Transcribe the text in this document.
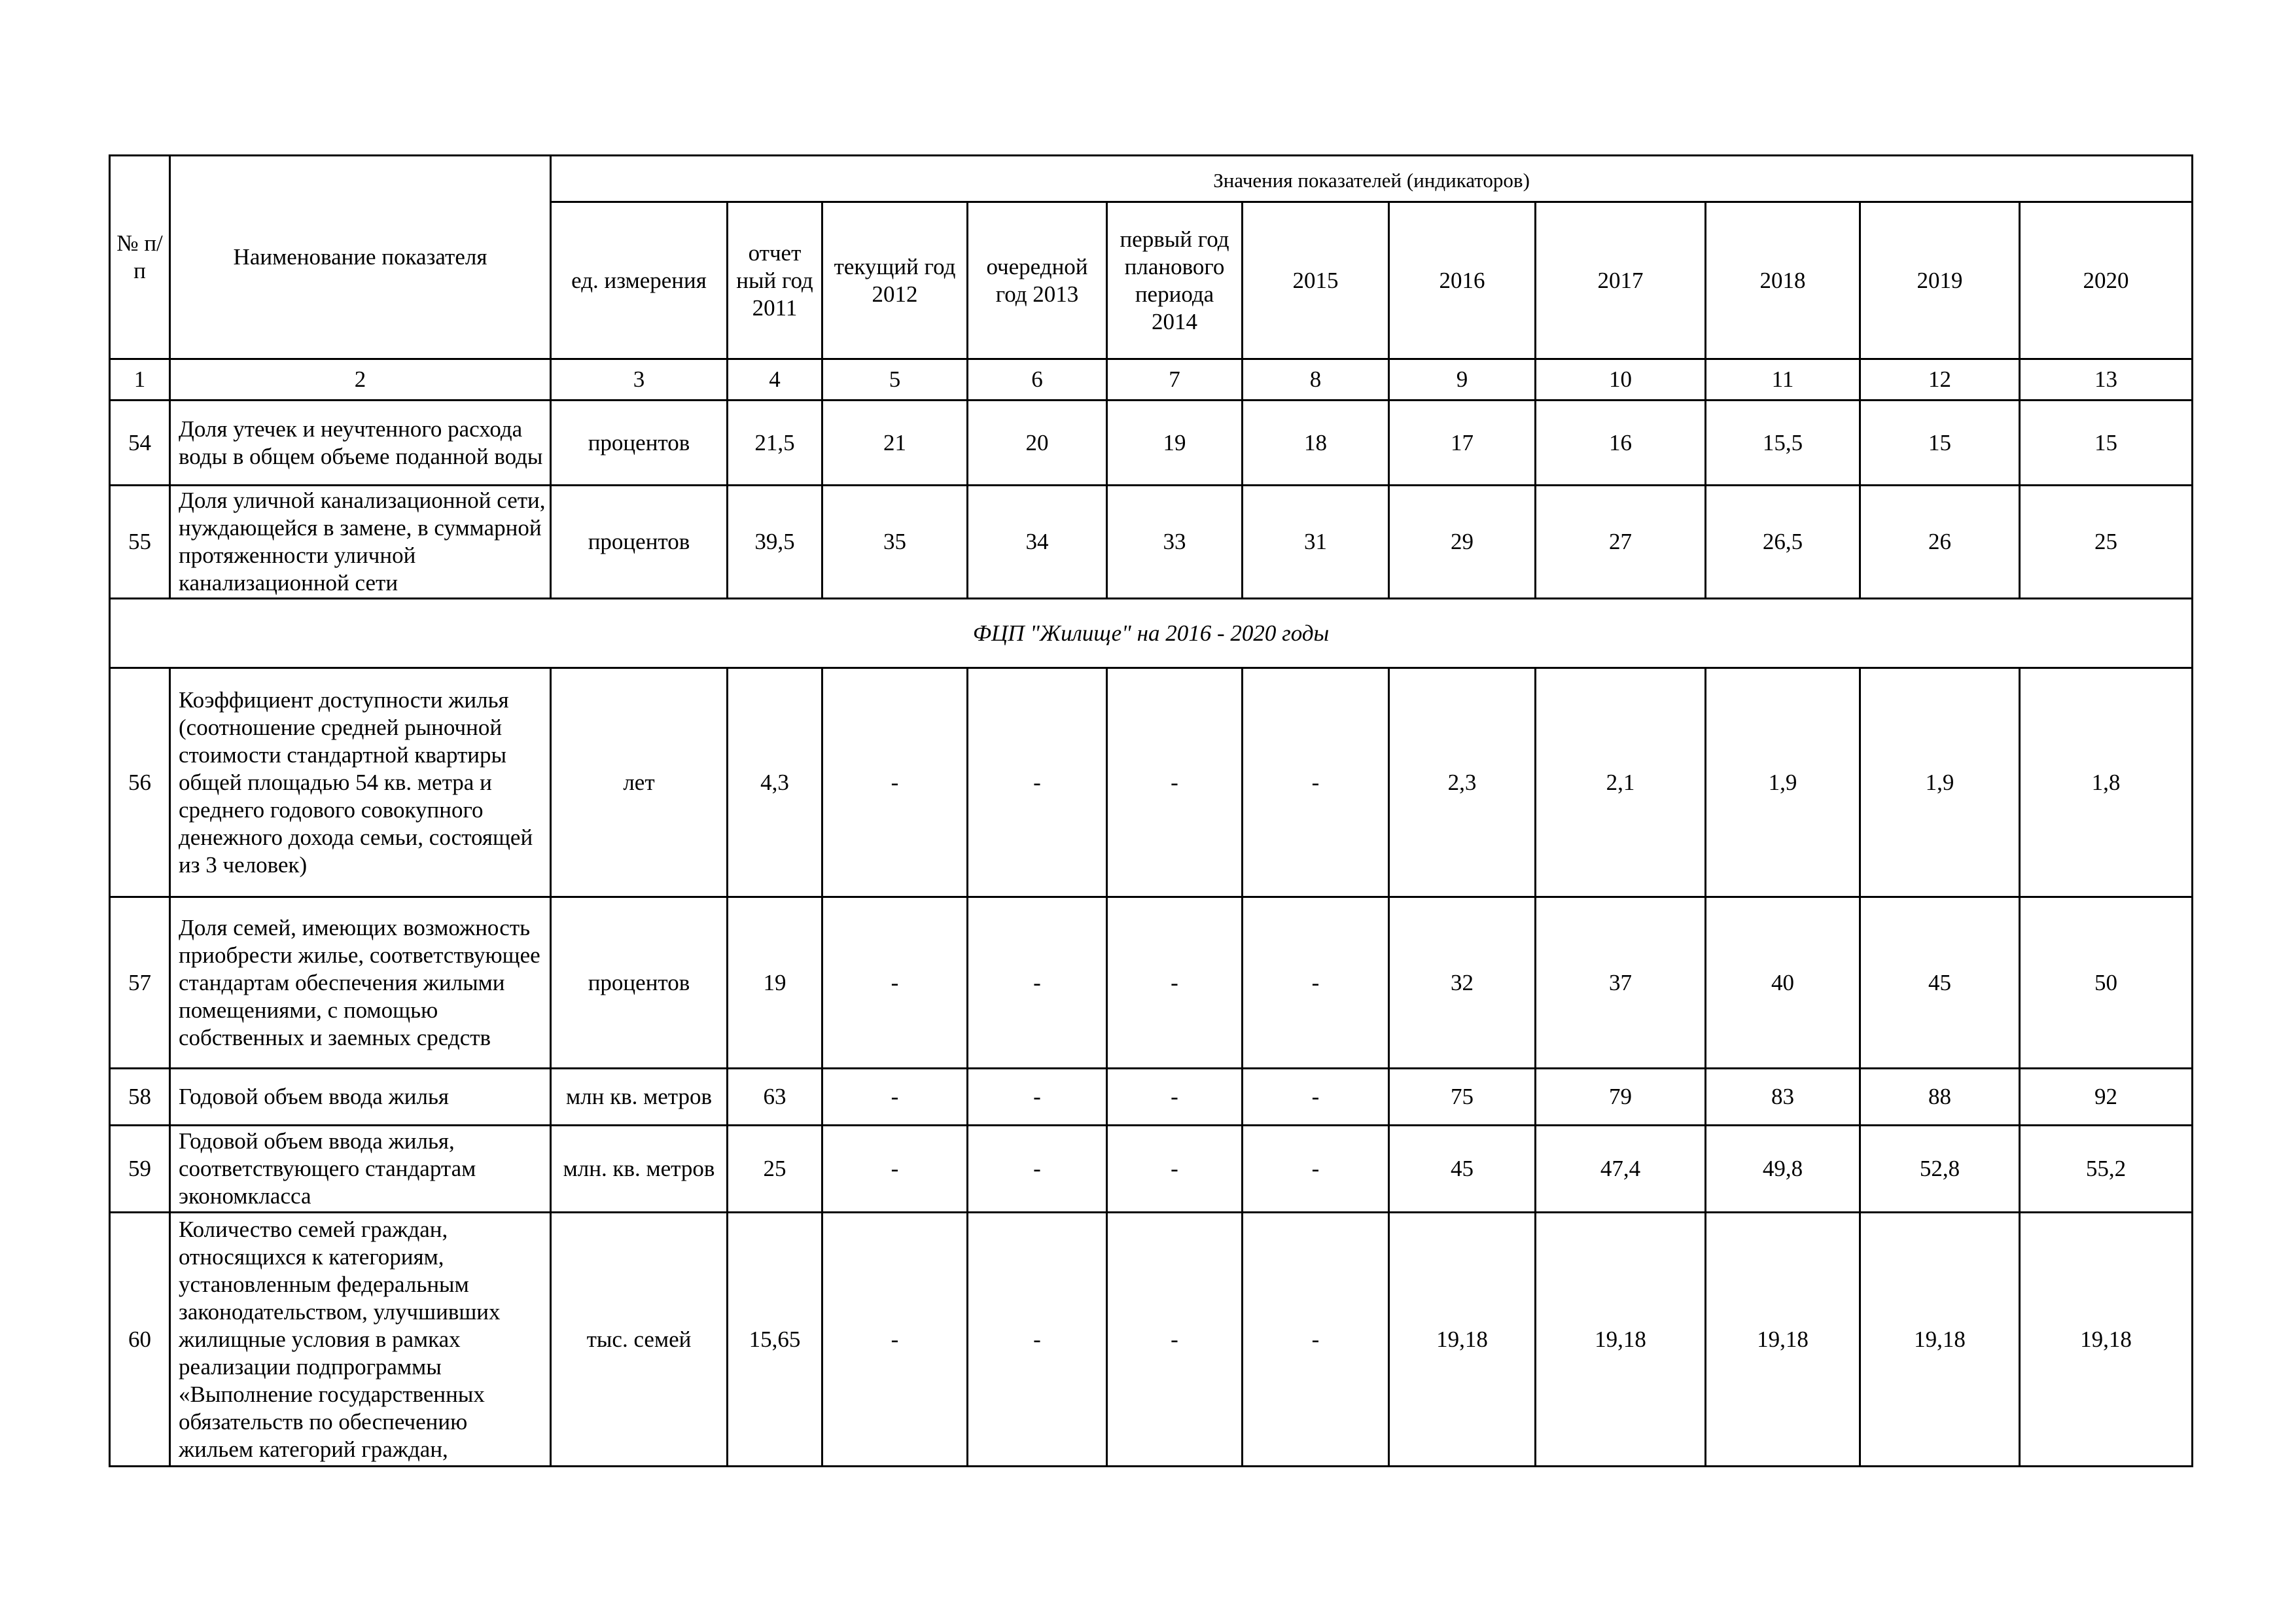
№ п/ п	Наименование показателя	Значения показателей (индикаторов)										
		ед. измерения	отчет ный год 2011	текущий год 2012	очередной год 2013	первый год планового периода 2014	2015	2016	2017	2018	2019	2020
1	2	3	4	5	6	7	8	9	10	11	12	13
54	Доля утечек и неучтенного расхода воды в общем объеме поданной воды	процентов	21,5	21	20	19	18	17	16	15,5	15	15
55	Доля уличной канализационной сети, нуждающейся в замене, в суммарной протяженности уличной канализационной сети	процентов	39,5	35	34	33	31	29	27	26,5	26	25
ФЦП "Жилище" на 2016 - 2020 годы												
56	Коэффициент доступности жилья (соотношение средней рыночной стоимости стандартной квартиры общей площадью 54 кв. метра и среднего годового совокупного денежного дохода семьи, состоящей из 3 человек)	лет	4,3	-	-	-	-	2,3	2,1	1,9	1,9	1,8
57	Доля семей, имеющих возможность приобрести жилье, соответствующее стандартам обеспечения жилыми помещениями, с помощью собственных и заемных средств	процентов	19	-	-	-	-	32	37	40	45	50
58	Годовой объем ввода жилья	млн кв. метров	63	-	-	-	-	75	79	83	88	92
59	Годовой объем ввода жилья, соответствующего стандартам экономкласса	млн. кв. метров	25	-	-	-	-	45	47,4	49,8	52,8	55,2
60	Количество семей граждан, относящихся к категориям, установленным федеральным законодательством, улучшивших жилищные условия в рамках реализации подпрограммы «Выполнение государственных обязательств по обеспечению жильем категорий граждан,	тыс. семей	15,65	-	-	-	-	19,18	19,18	19,18	19,18	19,18
